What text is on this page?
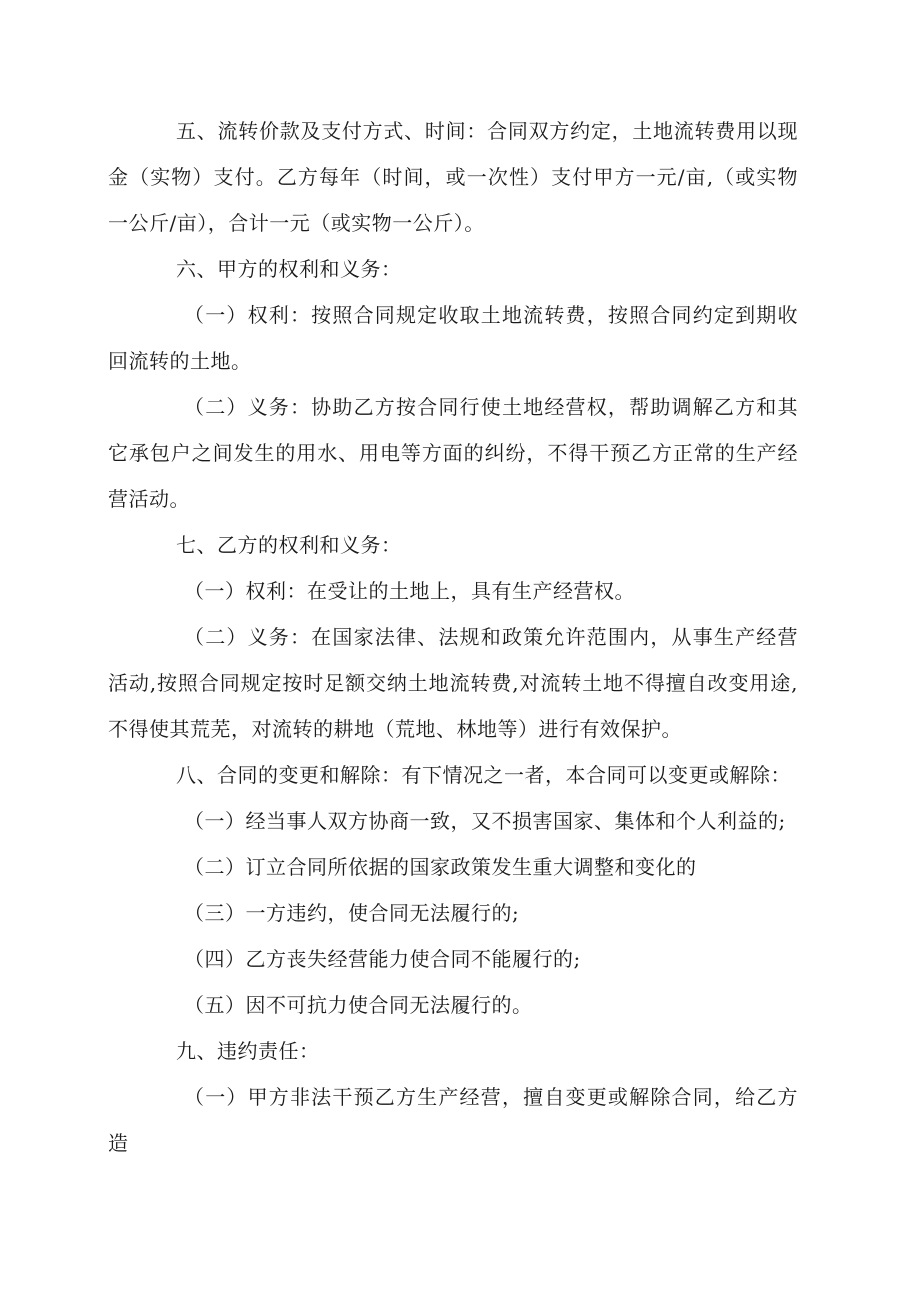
五、流转价款及支付方式、时间：合同双方约定，土地流转费用以现金（实物）支付。乙方每年（时间，或一次性）支付甲方一元/亩,（或实物一公斤/亩），合计一元（或实物一公斤）。

六、甲方的权利和义务：

（一）权利：按照合同规定收取土地流转费，按照合同约定到期收回流转的土地。

（二）义务：协助乙方按合同行使土地经营权，帮助调解乙方和其它承包户之间发生的用水、用电等方面的纠纷，不得干预乙方正常的生产经营活动。

七、乙方的权利和义务：

（一）权利：在受让的土地上，具有生产经营权。

（二）义务：在国家法律、法规和政策允许范围内，从事生产经营活动,按照合同规定按时足额交纳土地流转费,对流转土地不得擅自改变用途,不得使其荒芜，对流转的耕地（荒地、林地等）进行有效保护。

八、合同的变更和解除：有下情况之一者，本合同可以变更或解除：

（一）经当事人双方协商一致，又不损害国家、集体和个人利益的;

（二）订立合同所依据的国家政策发生重大调整和变化的

（三）一方违约，使合同无法履行的;

（四）乙方丧失经营能力使合同不能履行的;

（五）因不可抗力使合同无法履行的。

九、违约责任：

（一）甲方非法干预乙方生产经营，擅自变更或解除合同，给乙方造
